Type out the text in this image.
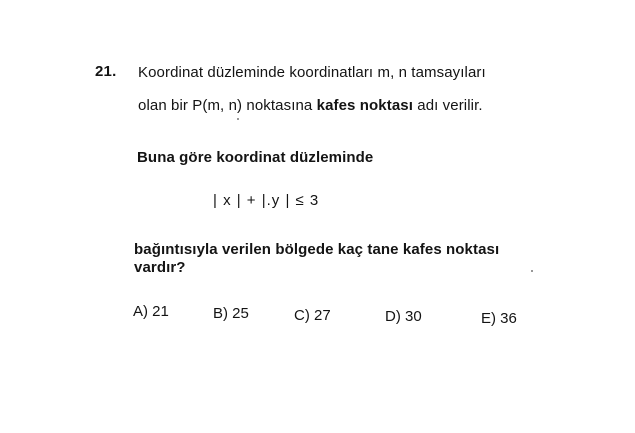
21. Koordinat düzleminde koordinatları m, n tamsayıları
olan bir P(m, n) noktasına kafes noktası adı verilir.
Buna göre koordinat düzleminde
| x | + |.y | ≤ 3
bağıntısıyla verilen bölgede kaç tane kafes noktası
vardır?
A) 21	B) 25	C) 27	D) 30	E) 36
